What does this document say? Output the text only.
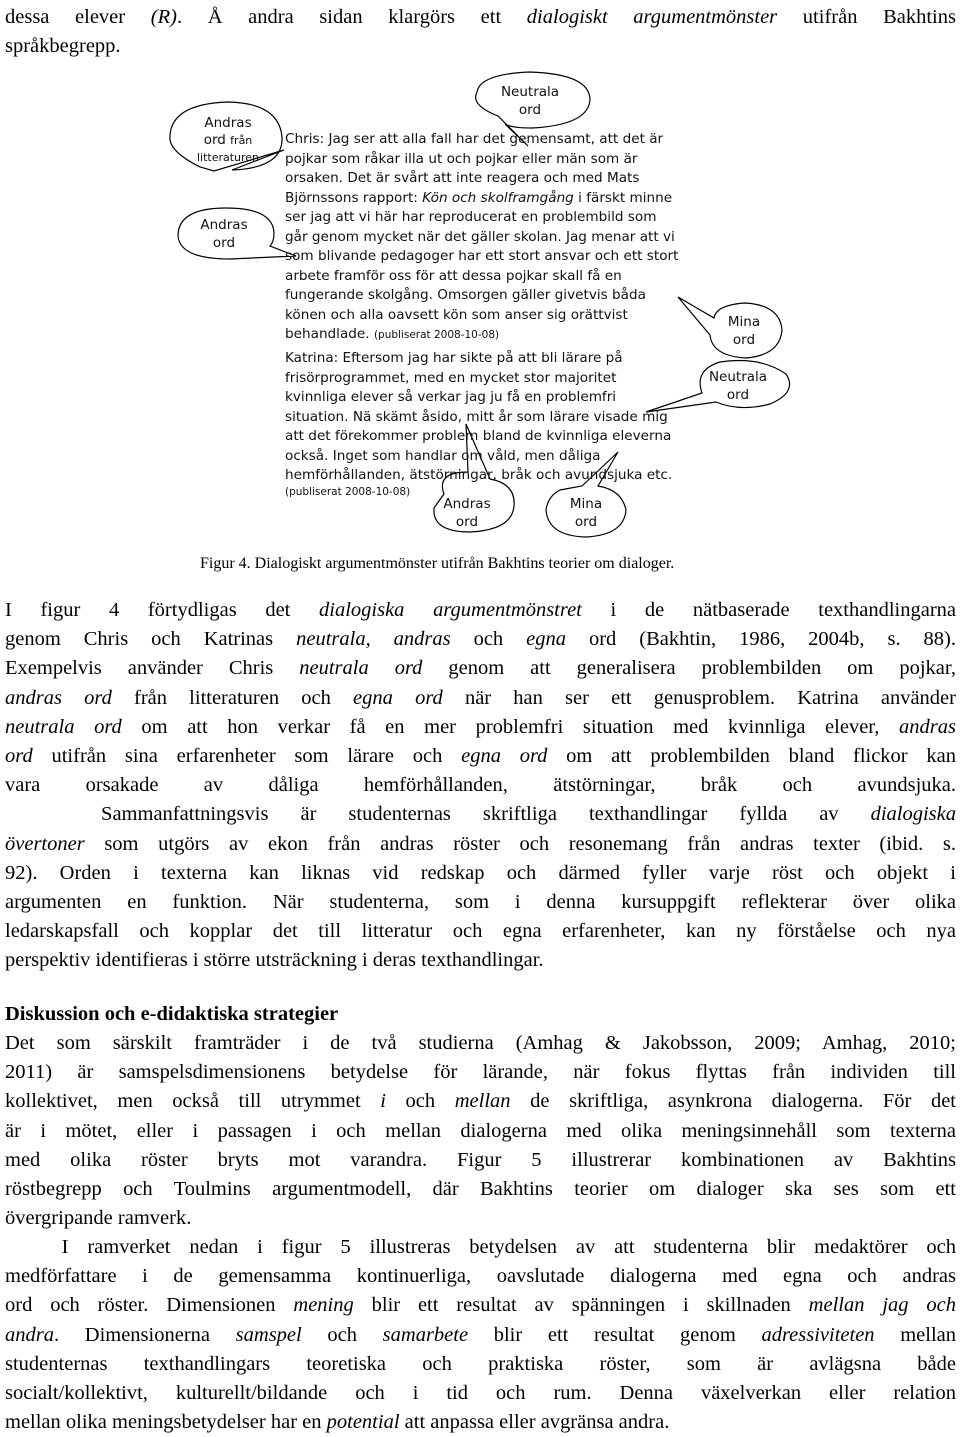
dessa elever (R). Å andra sidan klargörs ett dialogiskt argumentmönster utifrån Bakhtins
språkbegrepp.
Neutrala
ord
Andras
ord från
litteraturen
Andras
ord
Mina
ord
Neutrala
ord
Andras
ord
Mina
ord
Chris: Jag ser att alla fall har det gemensamt, att det är
pojkar som råkar illa ut och pojkar eller män som är
orsaken. Det är svårt att inte reagera och med Mats
Björnssons rapport: Kön och skolframgång i färskt minne
ser jag att vi här har reproducerat en problembild som
går genom mycket när det gäller skolan. Jag menar att vi
som blivande pedagoger har ett stort ansvar och ett stort
arbete framför oss för att dessa pojkar skall få en
fungerande skolgång. Omsorgen gäller givetvis båda
könen och alla oavsett kön som anser sig orättvist
behandlade. (publiserat 2008-10-08)
Katrina: Eftersom jag har sikte på att bli lärare på
frisörprogrammet, med en mycket stor majoritet
kvinnliga elever så verkar jag ju få en problemfri
situation. Nä skämt åsido, mitt år som lärare visade mig
att det förekommer problem bland de kvinnliga eleverna
också. Inget som handlar om våld, men dåliga
hemförhållanden, ätstörningar, bråk och avundsjuka etc.
(publiserat 2008-10-08)
Figur 4. Dialogiskt argumentmönster utifrån Bakhtins teorier om dialoger.
I figur 4 förtydligas det dialogiska argumentmönstret i de nätbaserade texthandlingarna
genom Chris och Katrinas neutrala, andras och egna ord (Bakhtin, 1986, 2004b, s. 88).
Exempelvis använder Chris neutrala ord genom att generalisera problembilden om pojkar,
andras ord från litteraturen och egna ord när han ser ett genusproblem. Katrina använder
neutrala ord om att hon verkar få en mer problemfri situation med kvinnliga elever, andras
ord utifrån sina erfarenheter som lärare och egna ord om att problembilden bland flickor kan
vara orsakade av dåliga hemförhållanden, ätstörningar, bråk och avundsjuka.
Sammanfattningsvis är studenternas skriftliga texthandlingar fyllda av dialogiska
övertoner som utgörs av ekon från andras röster och resonemang från andras texter (ibid. s.
92). Orden i texterna kan liknas vid redskap och därmed fyller varje röst och objekt i
argumenten en funktion. När studenterna, som i denna kursuppgift reflekterar över olika
ledarskapsfall och kopplar det till litteratur och egna erfarenheter, kan ny förståelse och nya
perspektiv identifieras i större utsträckning i deras texthandlingar.
Diskussion och e-didaktiska strategier
Det som särskilt framträder i de två studierna (Amhag & Jakobsson, 2009; Amhag, 2010;
2011) är samspelsdimensionens betydelse för lärande, när fokus flyttas från individen till
kollektivet, men också till utrymmet i och mellan de skriftliga, asynkrona dialogerna. För det
är i mötet, eller i passagen i och mellan dialogerna med olika meningsinnehåll som texterna
med olika röster bryts mot varandra. Figur 5 illustrerar kombinationen av Bakhtins
röstbegrepp och Toulmins argumentmodell, där Bakhtins teorier om dialoger ska ses som ett
övergripande ramverk.
I ramverket nedan i figur 5 illustreras betydelsen av att studenterna blir medaktörer och
medförfattare i de gemensamma kontinuerliga, oavslutade dialogerna med egna och andras
ord och röster. Dimensionen mening blir ett resultat av spänningen i skillnaden mellan jag och
andra. Dimensionerna samspel och samarbete blir ett resultat genom adressiviteten mellan
studenternas texthandlingars teoretiska och praktiska röster, som är avlägsna både
socialt/kollektivt, kulturellt/bildande och i tid och rum. Denna växelverkan eller relation
mellan olika meningsbetydelser har en potential att anpassa eller avgränsa andra.
